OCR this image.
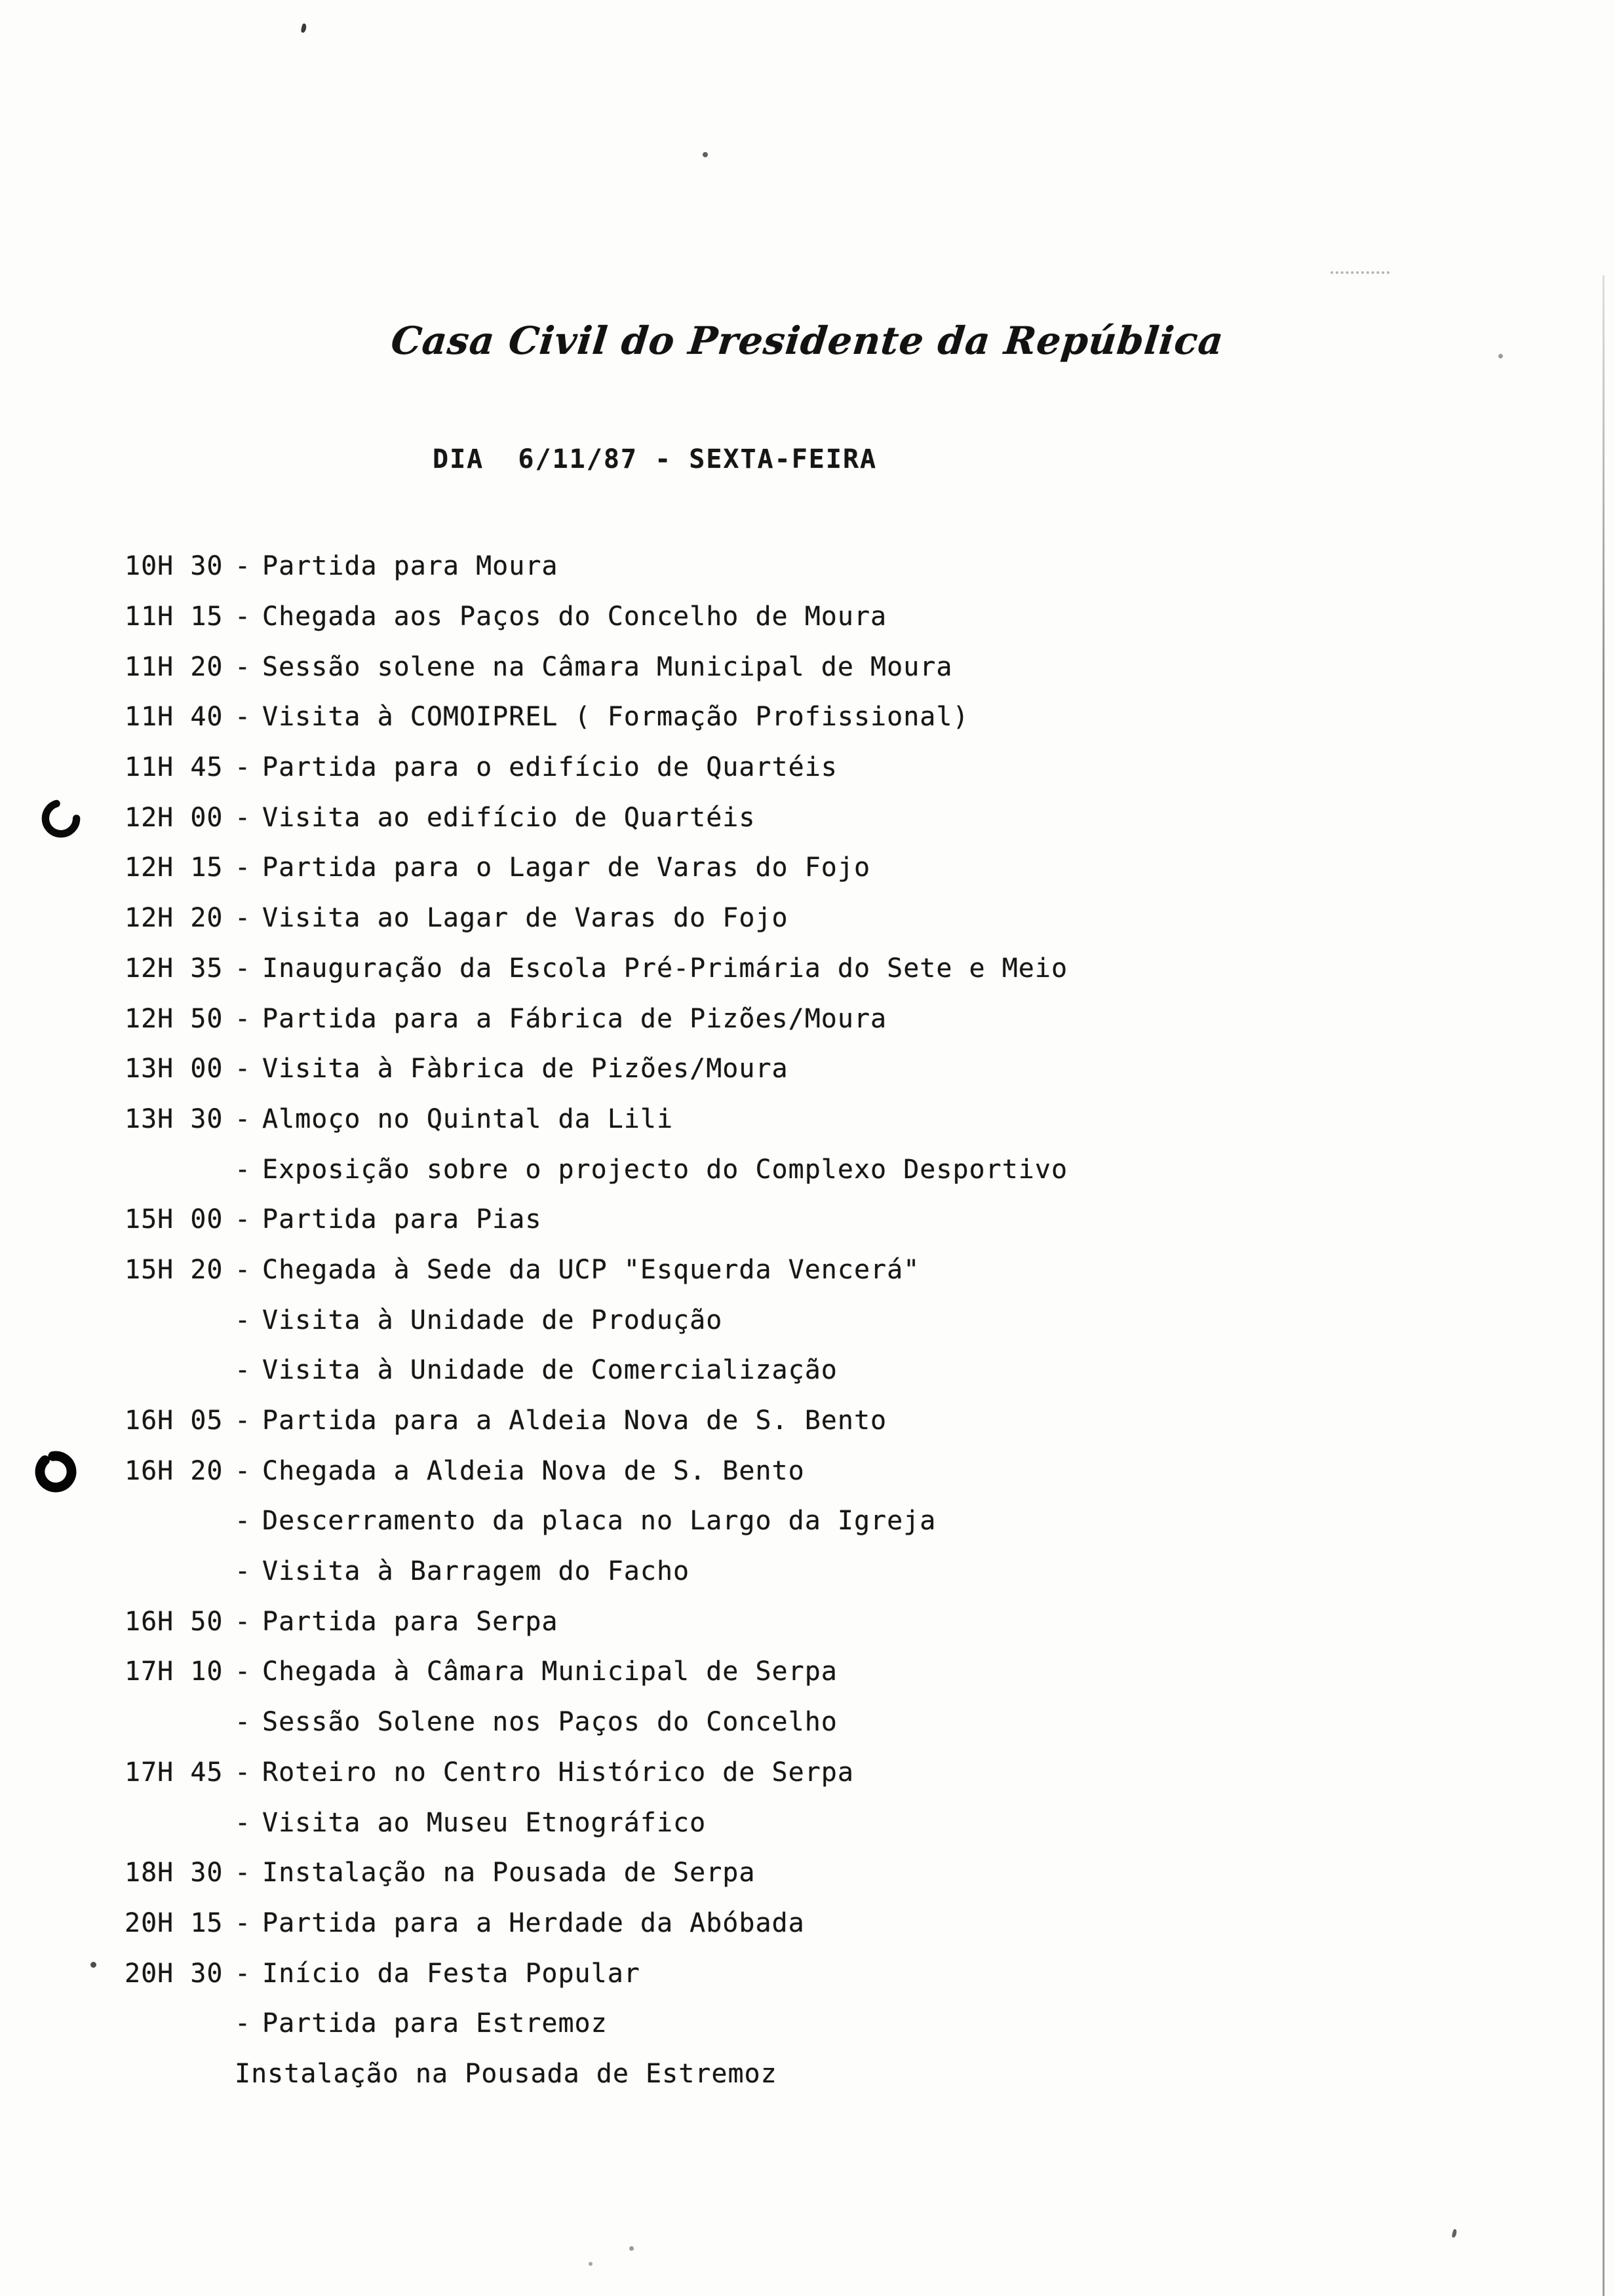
Casa Civil do Presidente da República
DIA  6/11/87 - SEXTA-FEIRA
10H 30 - Partida para Moura
11H 15 - Chegada aos Paços do Concelho de Moura
11H 20 - Sessão solene na Câmara Municipal de Moura
11H 40 - Visita à COMOIPREL ( Formação Profissional)
11H 45 - Partida para o edifício de Quartéis
12H 00 - Visita ao edifício de Quartéis
12H 15 - Partida para o Lagar de Varas do Fojo
12H 20 - Visita ao Lagar de Varas do Fojo
12H 35 - Inauguração da Escola Pré-Primária do Sete e Meio
12H 50 - Partida para a Fábrica de Pizões/Moura
13H 00 - Visita à Fàbrica de Pizões/Moura
13H 30 - Almoço no Quintal da Lili
- Exposição sobre o projecto do Complexo Desportivo
15H 00 - Partida para Pias
15H 20 - Chegada à Sede da UCP "Esquerda Vencerá"
- Visita à Unidade de Produção
- Visita à Unidade de Comercialização
16H 05 - Partida para a Aldeia Nova de S. Bento
16H 20 - Chegada a Aldeia Nova de S. Bento
- Descerramento da placa no Largo da Igreja
- Visita à Barragem do Facho
16H 50 - Partida para Serpa
17H 10 - Chegada à Câmara Municipal de Serpa
- Sessão Solene nos Paços do Concelho
17H 45 - Roteiro no Centro Histórico de Serpa
- Visita ao Museu Etnográfico
18H 30 - Instalação na Pousada de Serpa
20H 15 - Partida para a Herdade da Abóbada
20H 30 - Início da Festa Popular
- Partida para Estremoz
Instalação na Pousada de Estremoz
